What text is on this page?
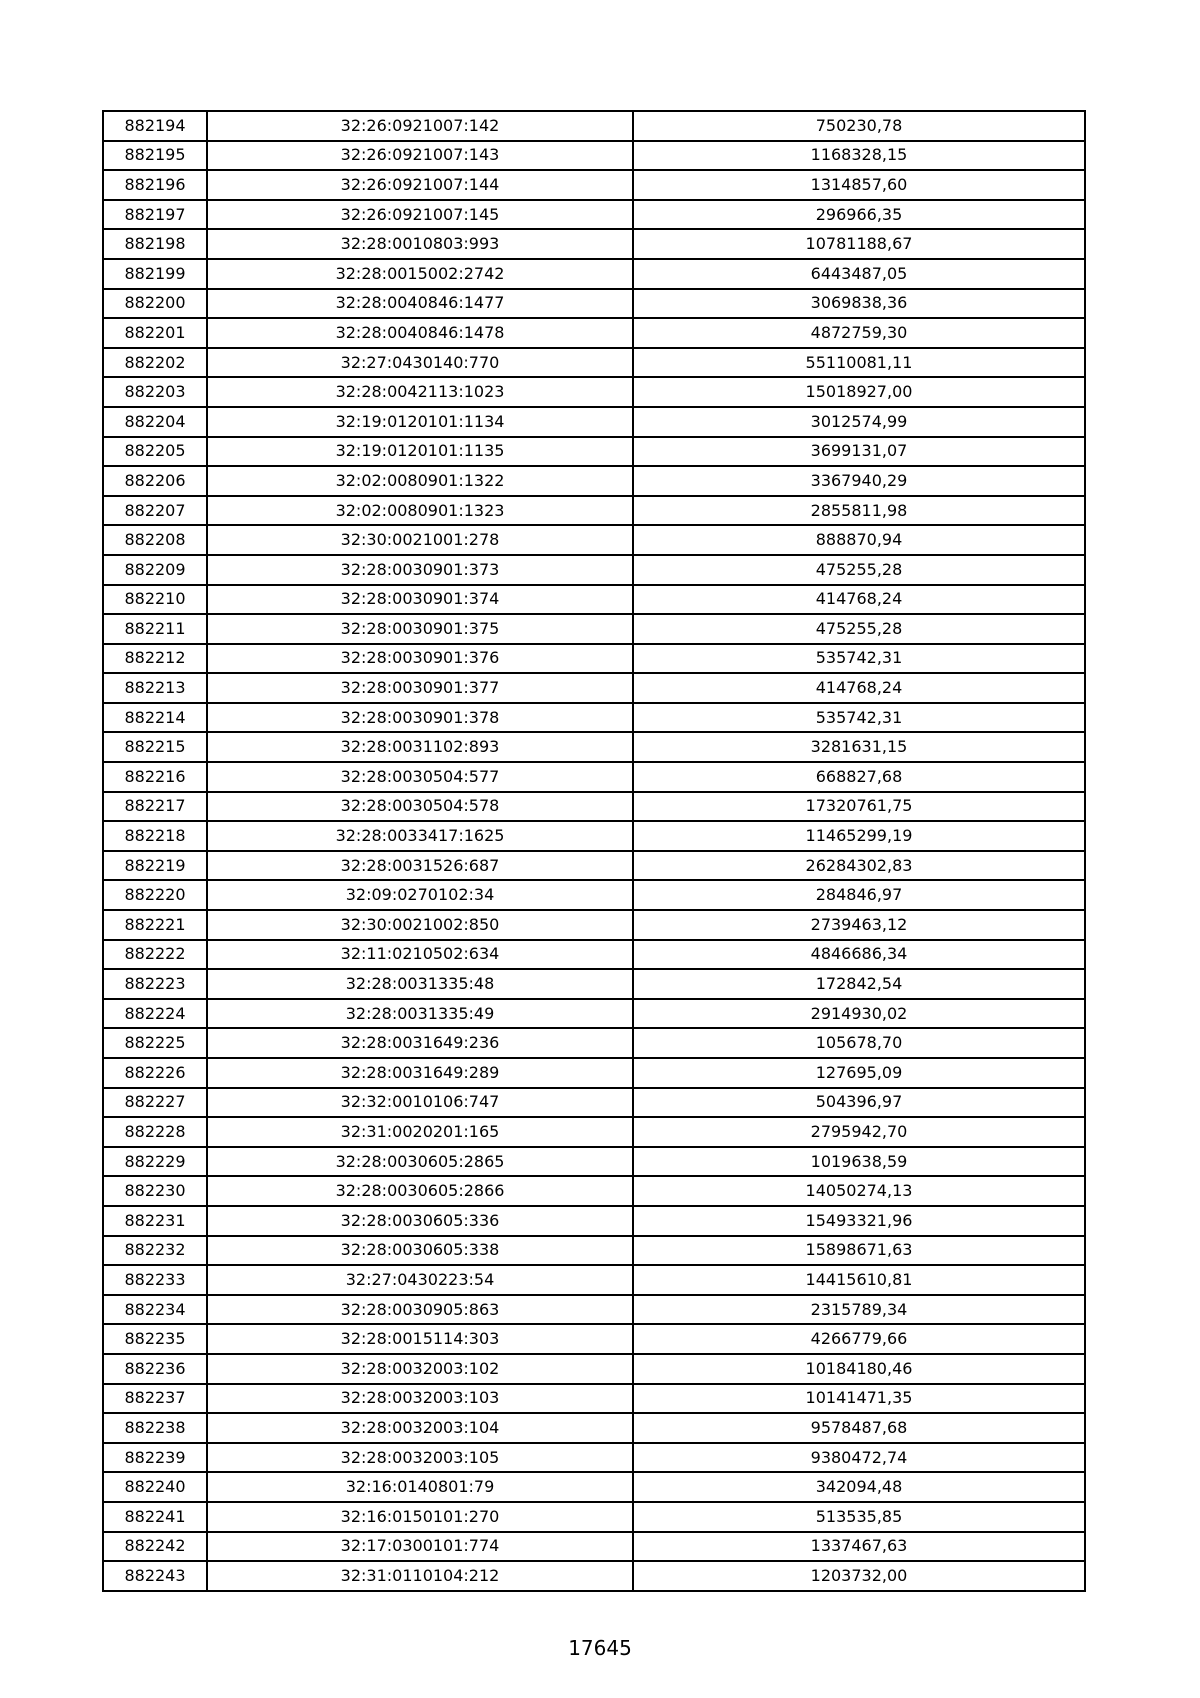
882194	32:26:0921007:142	750230,78
882195	32:26:0921007:143	1168328,15
882196	32:26:0921007:144	1314857,60
882197	32:26:0921007:145	296966,35
882198	32:28:0010803:993	10781188,67
882199	32:28:0015002:2742	6443487,05
882200	32:28:0040846:1477	3069838,36
882201	32:28:0040846:1478	4872759,30
882202	32:27:0430140:770	55110081,11
882203	32:28:0042113:1023	15018927,00
882204	32:19:0120101:1134	3012574,99
882205	32:19:0120101:1135	3699131,07
882206	32:02:0080901:1322	3367940,29
882207	32:02:0080901:1323	2855811,98
882208	32:30:0021001:278	888870,94
882209	32:28:0030901:373	475255,28
882210	32:28:0030901:374	414768,24
882211	32:28:0030901:375	475255,28
882212	32:28:0030901:376	535742,31
882213	32:28:0030901:377	414768,24
882214	32:28:0030901:378	535742,31
882215	32:28:0031102:893	3281631,15
882216	32:28:0030504:577	668827,68
882217	32:28:0030504:578	17320761,75
882218	32:28:0033417:1625	11465299,19
882219	32:28:0031526:687	26284302,83
882220	32:09:0270102:34	284846,97
882221	32:30:0021002:850	2739463,12
882222	32:11:0210502:634	4846686,34
882223	32:28:0031335:48	172842,54
882224	32:28:0031335:49	2914930,02
882225	32:28:0031649:236	105678,70
882226	32:28:0031649:289	127695,09
882227	32:32:0010106:747	504396,97
882228	32:31:0020201:165	2795942,70
882229	32:28:0030605:2865	1019638,59
882230	32:28:0030605:2866	14050274,13
882231	32:28:0030605:336	15493321,96
882232	32:28:0030605:338	15898671,63
882233	32:27:0430223:54	14415610,81
882234	32:28:0030905:863	2315789,34
882235	32:28:0015114:303	4266779,66
882236	32:28:0032003:102	10184180,46
882237	32:28:0032003:103	10141471,35
882238	32:28:0032003:104	9578487,68
882239	32:28:0032003:105	9380472,74
882240	32:16:0140801:79	342094,48
882241	32:16:0150101:270	513535,85
882242	32:17:0300101:774	1337467,63
882243	32:31:0110104:212	1203732,00
17645
